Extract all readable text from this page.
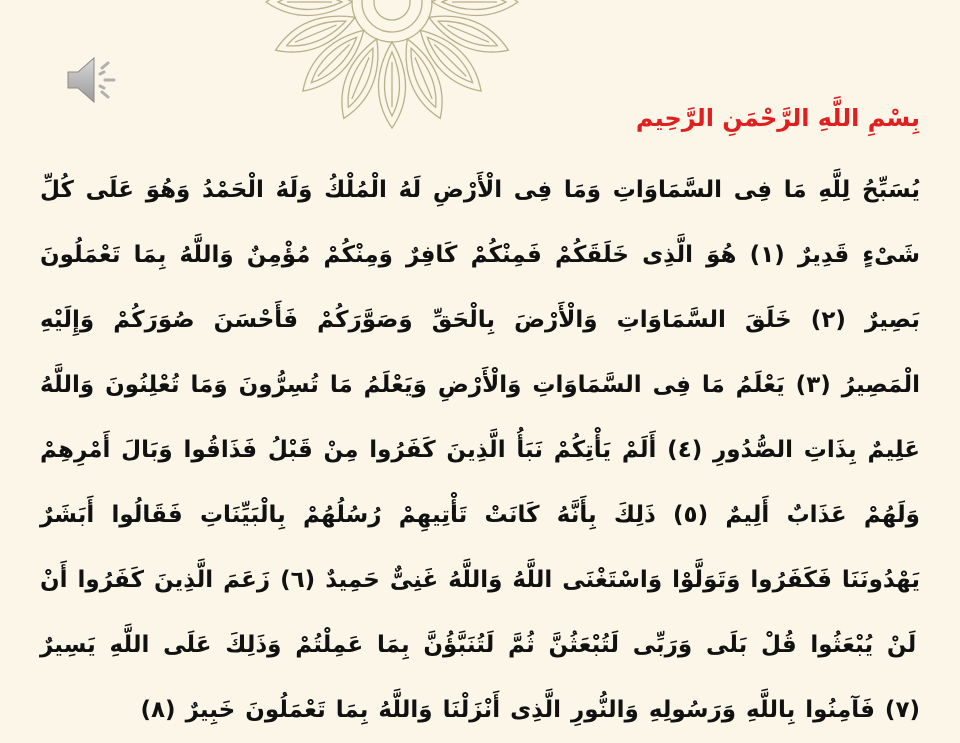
بِسْمِ اللَّهِ الرَّحْمَنِ الرَّحِيم
يُسَبِّحُ لِلَّهِ مَا فِى السَّمَاوَاتِ وَمَا فِى الْأَرْضِ لَهُ الْمُلْكُ وَلَهُ الْحَمْدُ وَهُوَ عَلَى كُلِّ شَىْءٍ قَدِيرٌ (١) هُوَ الَّذِى خَلَقَكُمْ فَمِنْكُمْ كَافِرٌ وَمِنْكُمْ مُؤْمِنٌ وَاللَّهُ بِمَا تَعْمَلُونَ بَصِيرٌ (٢) خَلَقَ السَّمَاوَاتِ وَالْأَرْضَ بِالْحَقِّ وَصَوَّرَكُمْ فَأَحْسَنَ صُوَرَكُمْ وَإِلَيْهِ الْمَصِيرُ (٣) يَعْلَمُ مَا فِى السَّمَاوَاتِ وَالْأَرْضِ وَيَعْلَمُ مَا تُسِرُّونَ وَمَا تُعْلِنُونَ وَاللَّهُ عَلِيمٌ بِذَاتِ الصُّدُورِ (٤) أَلَمْ يَأْتِكُمْ نَبَأُ الَّذِينَ كَفَرُوا مِنْ قَبْلُ فَذَاقُوا وَبَالَ أَمْرِهِمْ وَلَهُمْ عَذَابٌ أَلِيمٌ (٥) ذَلِكَ بِأَنَّهُ كَانَتْ تَأْتِيهِمْ رُسُلُهُمْ بِالْبَيِّنَاتِ فَقَالُوا أَبَشَرٌ يَهْدُونَنَا فَكَفَرُوا وَتَوَلَّوْا وَاسْتَغْنَى اللَّهُ وَاللَّهُ غَنِىٌّ حَمِيدٌ (٦) زَعَمَ الَّذِينَ كَفَرُوا أَنْ لَنْ يُبْعَثُوا قُلْ بَلَى وَرَبِّى لَتُبْعَثُنَّ ثُمَّ لَتُنَبَّؤُنَّ بِمَا عَمِلْتُمْ وَذَلِكَ عَلَى اللَّهِ يَسِيرٌ (٧) فَآمِنُوا بِاللَّهِ وَرَسُولِهِ وَالنُّورِ الَّذِى أَنْزَلْنَا وَاللَّهُ بِمَا تَعْمَلُونَ خَبِيرٌ (٨)
